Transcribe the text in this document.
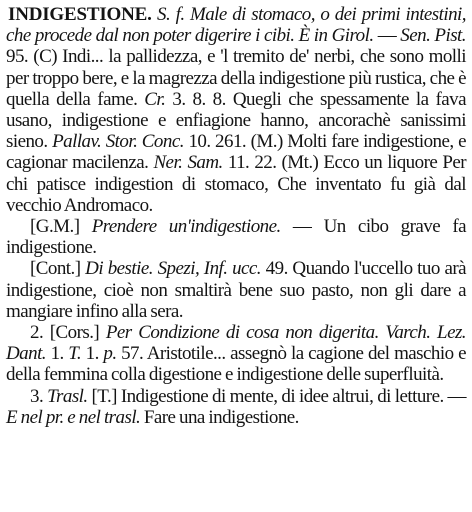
INDIGESTIONE. S. f. Male di stomaco, o dei primi intestini, che procede dal non poter digerire i cibi. È in Girol. — Sen. Pist. 95. (C) Indi... la pallidezza, e 'l tremito de' nerbi, che sono molli per troppo bere, e la magrezza della indigestione più rustica, che è quella della fame. Cr. 3. 8. 8. Quegli che spessamente la fava usano, indigestione e enfiagione hanno, ancorachè sanissimi sieno. Pallav. Stor. Conc. 10. 261. (M.) Molti fare indigestione, e cagionar macilenza. Ner. Sam. 11. 22. (Mt.) Ecco un liquore Per chi patisce indigestion di stomaco, Che inventato fu già dal vecchio Andromaco.

[G.M.] Prendere un'indigestione. — Un cibo grave fa indigestione.

[Cont.] Di bestie. Spezi, Inf. ucc. 49. Quando l'uccello tuo arà indigestione, cioè non smaltirà bene suo pasto, non gli dare a mangiare infino alla sera.

2. [Cors.] Per Condizione di cosa non digerita. Varch. Lez. Dant. 1. T. 1. p. 57. Aristotile... assegnò la cagione del maschio e della femmina colla digestione e indigestione delle superfluità.

3. Trasl. [T.] Indigestione di mente, di idee altrui, di letture. — E nel pr. e nel trasl. Fare una indigestione.
